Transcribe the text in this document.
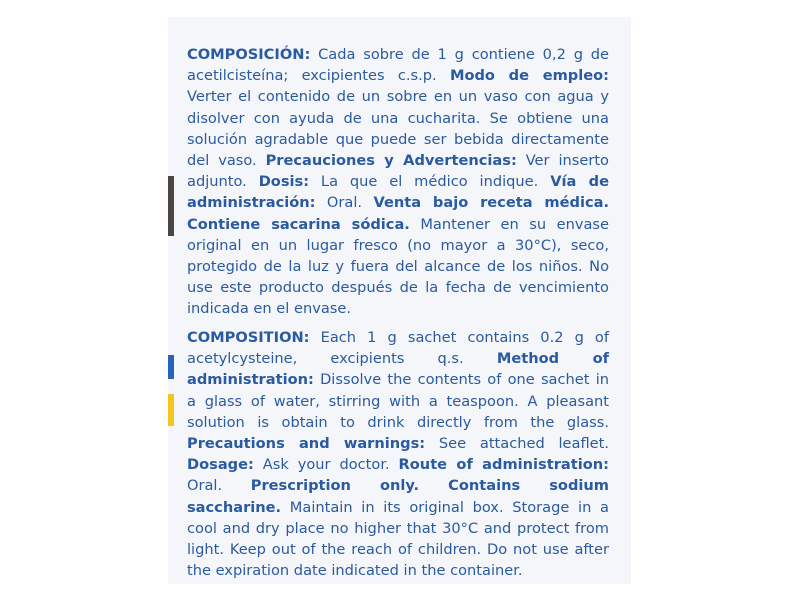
COMPOSICIÓN: Cada sobre de 1 g contiene 0,2 g de acetilcisteína; excipientes c.s.p. Modo de empleo: Verter el contenido de un sobre en un vaso con agua y disolver con ayuda de una cucharita. Se obtiene una solución agradable que puede ser bebida directamente del vaso. Precauciones y Advertencias: Ver inserto adjunto. Dosis: La que el médico indique. Vía de administración: Oral. Venta bajo receta médica. Contiene sacarina sódica. Mantener en su envase original en un lugar fresco (no mayor a 30°C), seco, protegido de la luz y fuera del alcance de los niños. No use este producto después de la fecha de vencimiento indicada en el envase.

COMPOSITION: Each 1 g sachet contains 0.2 g of acetylcysteine, excipients q.s. Method of administration: Dissolve the contents of one sachet in a glass of water, stirring with a teaspoon. A pleasant solution is obtain to drink directly from the glass. Precautions and warnings: See attached leaflet. Dosage: Ask your doctor. Route of administration: Oral. Prescription only. Contains sodium saccharine. Maintain in its original box. Storage in a cool and dry place no higher that 30°C and protect from light. Keep out of the reach of children. Do not use after the expiration date indicated in the container.
